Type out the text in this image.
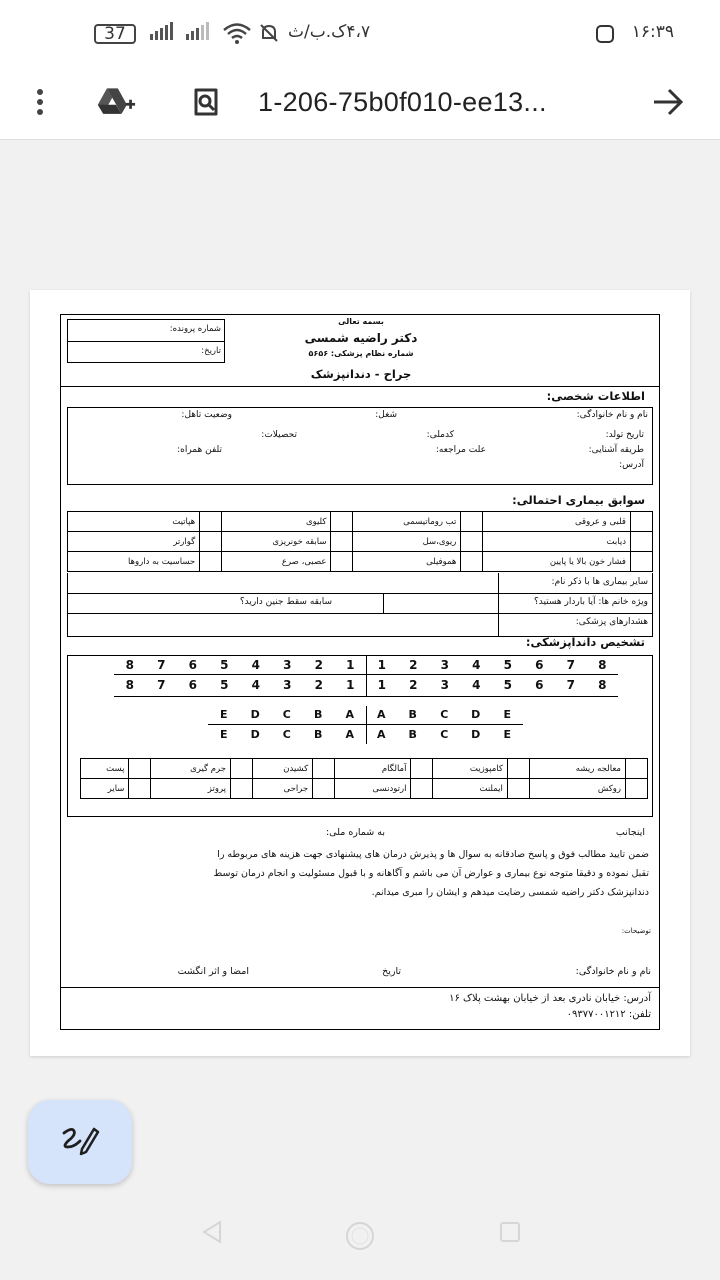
37	۴،۷ک.ب/ث	۱۶:۳۹
1-206-75b0f010-ee13...
شماره پرونده:
تاریخ:
بسمه تعالی
دکتر راضیه شمسی
شماره نظام پزشکی: ۵۶۵۶
جراح - دندانپزشک
اطلاعات شخصی:
نام و نام خانوادگی:
شغل:
وضعیت تاهل:
تاریخ تولد:
کدملی:
تحصیلات:
طریقه آشنایی:
علت مراجعه:
تلفن همراه:
آدرس:
سوابق بیماری احتمالی:
	قلبی و عروقی		تب روماتیسمی		کلیوی		هپاتیت
	دیابت		ریوی،سل		سابقه خونریزی		گوارتر
	فشار خون بالا یا پایین		هموفیلی		عصبی، صرع		حساسیت به داروها
سایر بیماری ها با ذکر نام:
ویژه خانم ها: آیا باردار هستید؟
سابقه سقط جنین دارید؟
هشدارهای پزشکی:
تشخیص دانداپزشکی:
8	7	6	5	4	3	2	1	1	2	3	4	5	6	7	8
8	7	6	5	4	3	2	1	1	2	3	4	5	6	7	8
E	D	C	B	A	A	B	C	D	E
E	D	C	B	A	A	B	C	D	E
	معالجه ریشه		کامپوزیت		آمالگام		کشیدن		جرم گیری		پست
	روکش		ایملنت		ارتودنسی		جراحی		پروتز		سایر
اینجانب
به شماره ملی:
ضمن تایید مطالب فوق و پاسخ صادقانه به سوال ها و پذیرش درمان های پیشنهادی جهت هزینه های مربوطه را
تقبل نموده و دقیقا متوجه نوع بیماری و عوارض آن می باشم و آگاهانه و با قبول مسئولیت و انجام درمان توسط
دندانپزشک دکتر راضیه شمسی رضایت میدهم و ایشان را مبری میدانم.
توضیحات:
نام و نام خانوادگی:
تاریخ
امضا و اثر انگشت
آدرس: خیابان نادری بعد از خیابان بهشت پلاک ۱۶
تلفن: ۰۹۳۷۷۰۰۱۲۱۲
